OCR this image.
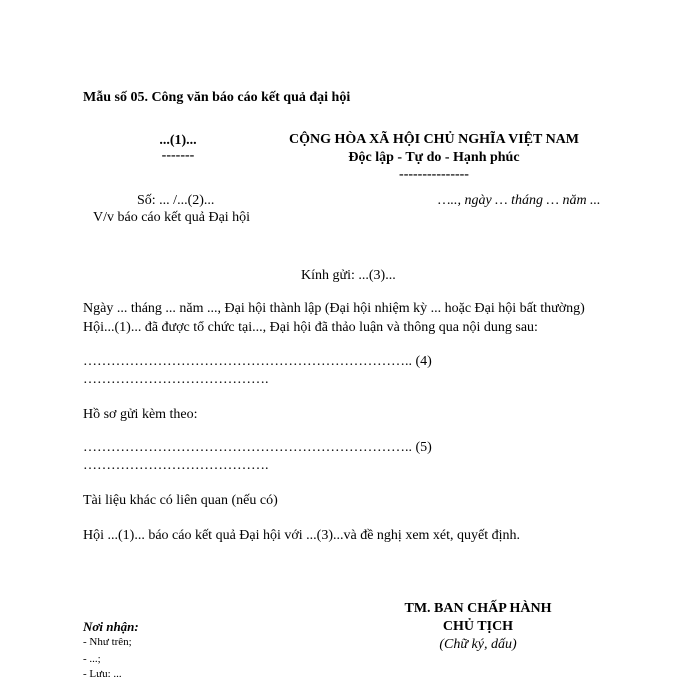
Mẫu số 05. Công văn báo cáo kết quả đại hội
...(1)...
-------
CỘNG HÒA XÃ HỘI CHỦ NGHĨA VIỆT NAM
Độc lập - Tự do - Hạnh phúc
---------------
Số: ... /...(2)...	….., ngày … tháng … năm ...
V/v báo cáo kết quả Đại hội
Kính gửi: ...(3)...
Ngày ... tháng ... năm ..., Đại hội thành lập (Đại hội nhiệm kỳ ... hoặc Đại hội bất thường)
Hội...(1)... đã được tổ chức tại..., Đại hội đã thảo luận và thông qua nội dung sau:
…………………………………………………………….. (4)
………………………………….
Hồ sơ gửi kèm theo:
…………………………………………………………….. (5)
………………………………….
Tài liệu khác có liên quan (nếu có)
Hội ...(1)... báo cáo kết quả Đại hội với ...(3)...và đề nghị xem xét, quyết định.
Nơi nhận:
- Như trên;
- ...;
- Lưu: ...
TM. BAN CHẤP HÀNH
CHỦ TỊCH
(Chữ ký, dấu)
